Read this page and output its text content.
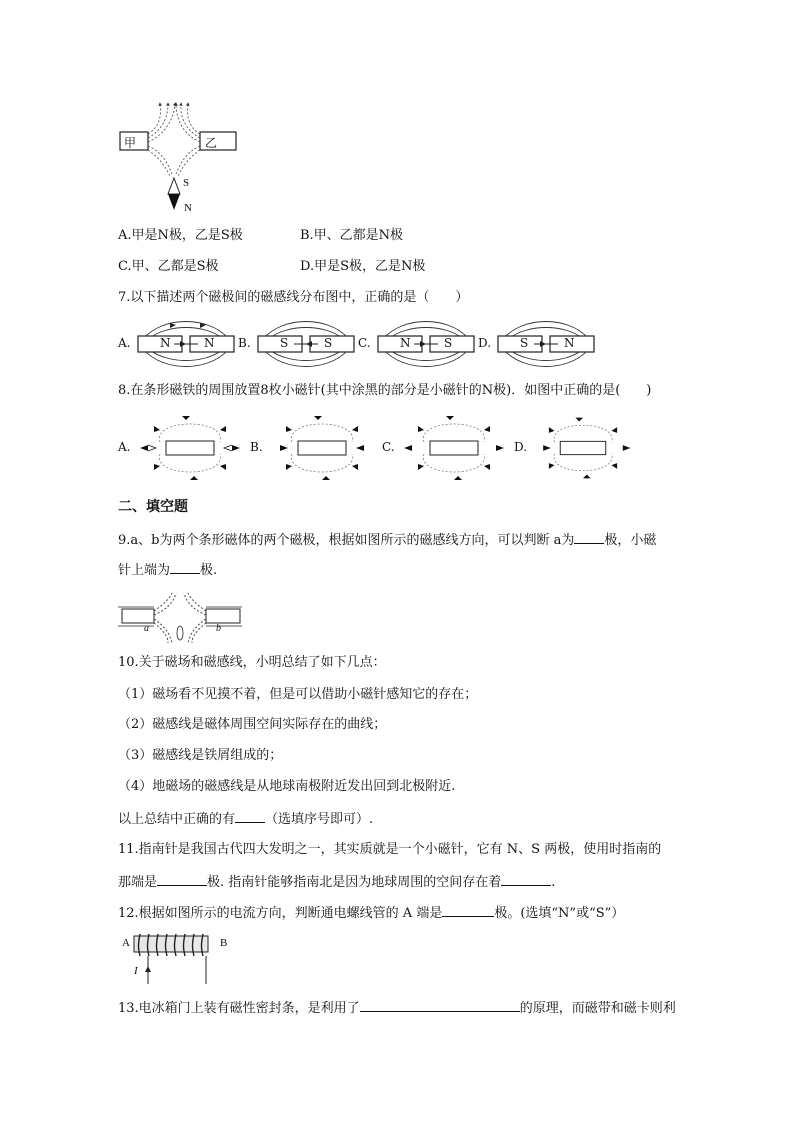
甲	乙
S
N
A.甲是N极，乙是S极	B.甲、乙都是N极
C.甲、乙都是S极	D.甲是S极，乙是N极
7.以下描述两个磁极间的磁感线分布图中，正确的是（　　）
A. N	N B. S	S C. N	S D. S	N
8.在条形磁铁的周围放置8枚小磁针(其中涂黑的部分是小磁针的N极)．如图中正确的是(　　)
A.	B.	C.	D.
二、填空题
9.a、b为两个条形磁体的两个磁极，根据如图所示的磁感线方向，可以判断 a为 极，小磁
针上端为 极.
a	b
10.关于磁场和磁感线，小明总结了如下几点：
（1）磁场看不见摸不着，但是可以借助小磁针感知它的存在；
（2）磁感线是磁体周围空间实际存在的曲线；
（3）磁感线是铁屑组成的；
（4）地磁场的磁感线是从地球南极附近发出回到北极附近.
以上总结中正确的有 （选填序号即可）.
11.指南针是我国古代四大发明之一，其实质就是一个小磁针，它有 N、S 两极，使用时指南的
那端是	极. 指南针能够指南北是因为地球周围的空间存在着	.
12.根据如图所示的电流方向，判断通电螺线管的 A 端是	极。(选填“N”或“S”）
A	B
I
13.电冰箱门上装有磁性密封条，是利用了	的原理，而磁带和磁卡则利
